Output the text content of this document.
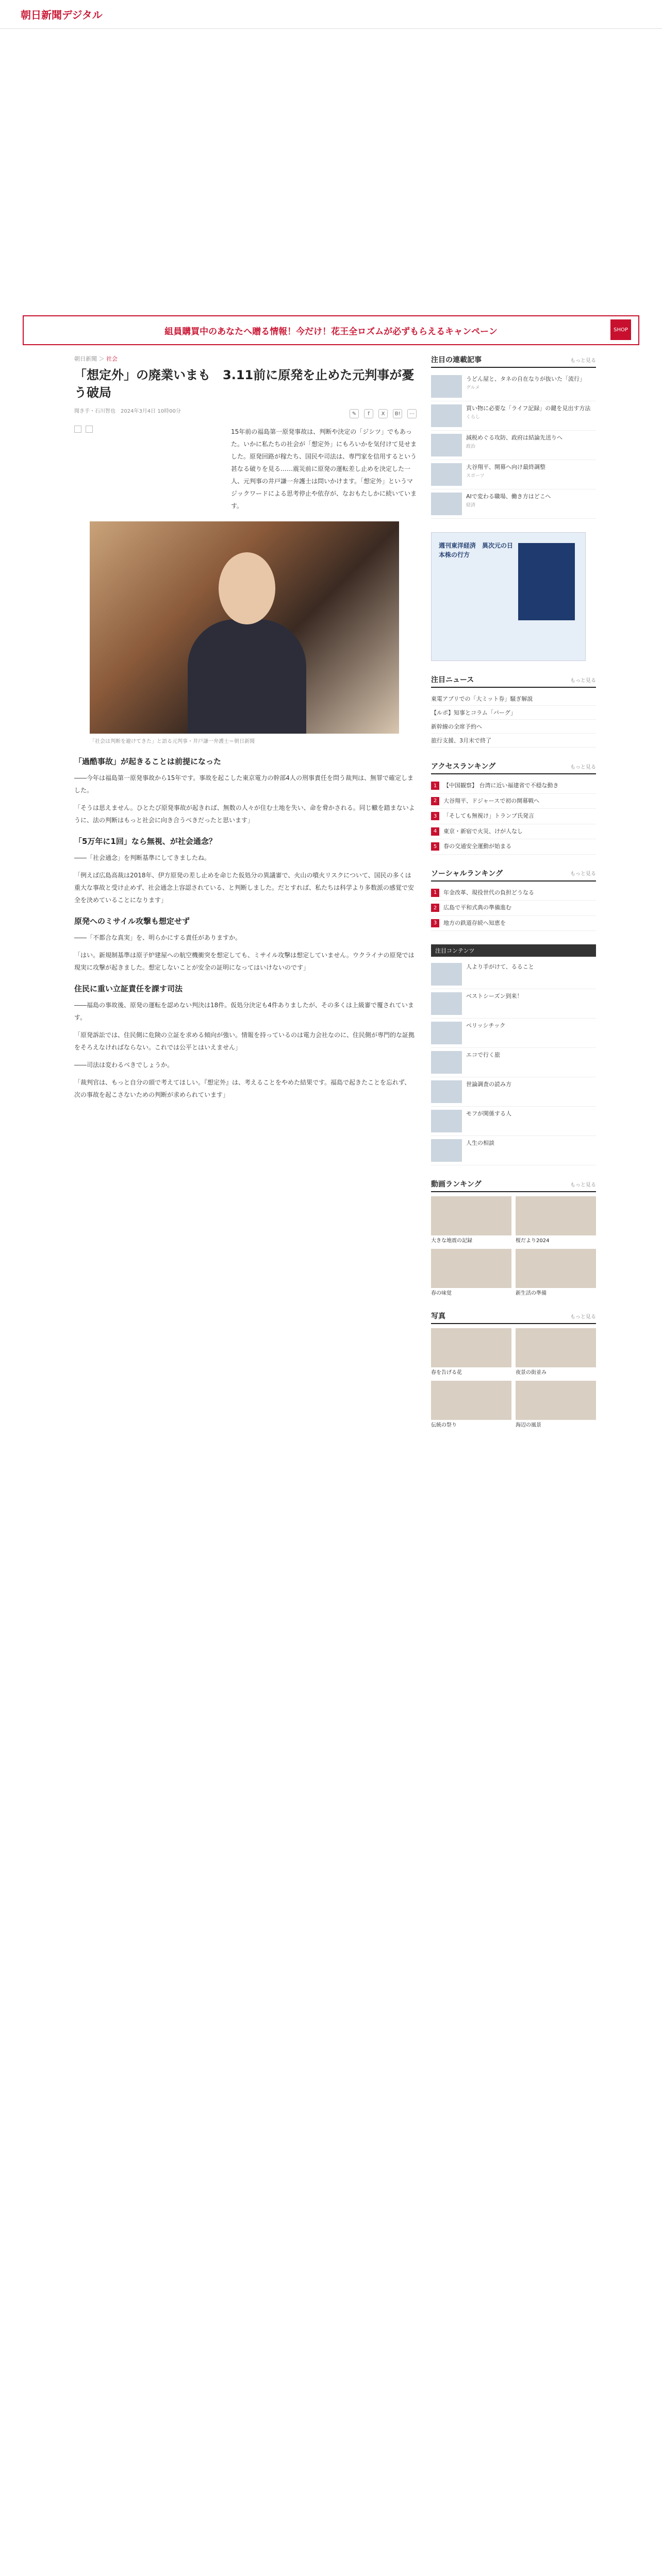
朝日新聞デジタル
組員購買中のあなたへ贈る情報！今だけ！花王全ロズムが必ずもらえるキャンペーン	SHOP
朝日新聞 ＞ 社会
「想定外」の廃業いまも　3.11前に原発を止めた元判事が憂う破局
聞き手・石川智也　2024年3月4日 10時00分	✎	f	X	B!	⋯
15年前の福島第一原発事故は、判断や決定の「ジシツ」でもあった。いかに私たちの社会が「想定外」にもろいかを気付けて見せました。原発回路が稼たち、国民や司法は、専門家を信用するという甚なる破りを見る……震災前に原発の運転差し止めを決定した一人、元判事の井戸謙一弁護士は問いかけます。「想定外」というマジックワードによる思考停止や依存が、なおもたしかに続いています。
「社会は判断を避けてきた」と語る元判事・井戸謙一弁護士＝朝日新聞
「過酷事故」が起きることは前提になった

――今年は福島第一原発事故から15年です。事故を起こした東京電力の幹部4人の刑事責任を問う裁判は、無罪で確定しました。

「そうは思えません。ひとたび原発事故が起きれば、無数の人々が住む土地を失い、命を脅かされる。同じ轍を踏まないように、法の判断はもっと社会に向き合うべきだったと思います」

「5万年に1回」なら無視、が社会通念？

――「社会通念」を判断基準にしてきましたね。

「例えば広島高裁は2018年、伊方原発の差し止めを命じた仮処分の異議審で、火山の噴火リスクについて、国民の多くは重大な事故と受け止めず、社会通念上容認されている、と判断しました。だとすれば、私たちは科学より多数派の感覚で安全を決めていることになります」

原発へのミサイル攻撃も想定せず

――「不都合な真実」を、明らかにする責任がありますか。

「はい。新規制基準は原子炉建屋への航空機衝突を想定しても、ミサイル攻撃は想定していません。ウクライナの原発では現実に攻撃が起きました。想定しないことが安全の証明になってはいけないのです」

住民に重い立証責任を課す司法

――福島の事故後、原発の運転を認めない判決は18件。仮処分決定も4件ありましたが、その多くは上級審で覆されています。

「原発訴訟では、住民側に危険の立証を求める傾向が強い。情報を持っているのは電力会社なのに、住民側が専門的な証拠をそろえなければならない。これでは公平とはいえません」

――司法は変わるべきでしょうか。

「裁判官は、もっと自分の頭で考えてほしい。『想定外』は、考えることをやめた結果です。福島で起きたことを忘れず、次の事故を起こさないための判断が求められています」

注目の連載記事	もっと見る
うどん屋と、タネの自在なりが抜いた「流行」
グルメ
買い物に必要な「ライフ記録」の鍵を見出す方法
くらし
減税めぐる攻防、政府は結論先送りへ
政治
大谷翔平、開幕へ向け最終調整
スポーツ
AIで変わる職場、働き方はどこへ
経済
週刊東洋経済　異次元の日本株の行方
注目ニュース	もっと見る
東電アプリでの「大ミット券」騒ぎ解説
【ルポ】知事とコラム「バーグ」
新幹線の全席予約へ
旅行支援、3月末で終了
アクセスランキング	もっと見る
1	【中国観察】 台湾に近い福建省で不穏な動き
2	大谷翔平、ドジャースで初の開幕戦へ
3	「そしても無視け」トランプ氏発言
4	東京・新宿で火災、けが人なし
5	春の交通安全運動が始まる
ソーシャルランキング	もっと見る
1	年金改革、現役世代の負担どうなる
2	広島で平和式典の準備進む
3	地方の鉄道存続へ知恵を
注目コンテンツ
人より手がけて、るること
ベストシーズン到来！
ペリッシチック
エコで行く旅
世論調査の読み方
モフが関係する人
人生の相談
動画ランキング	もっと見る
大きな地震の記録	桜だより2024
春の味覚	新生活の準備
写真	もっと見る
春を告げる花	夜景の街並み
伝統の祭り	海辺の風景
